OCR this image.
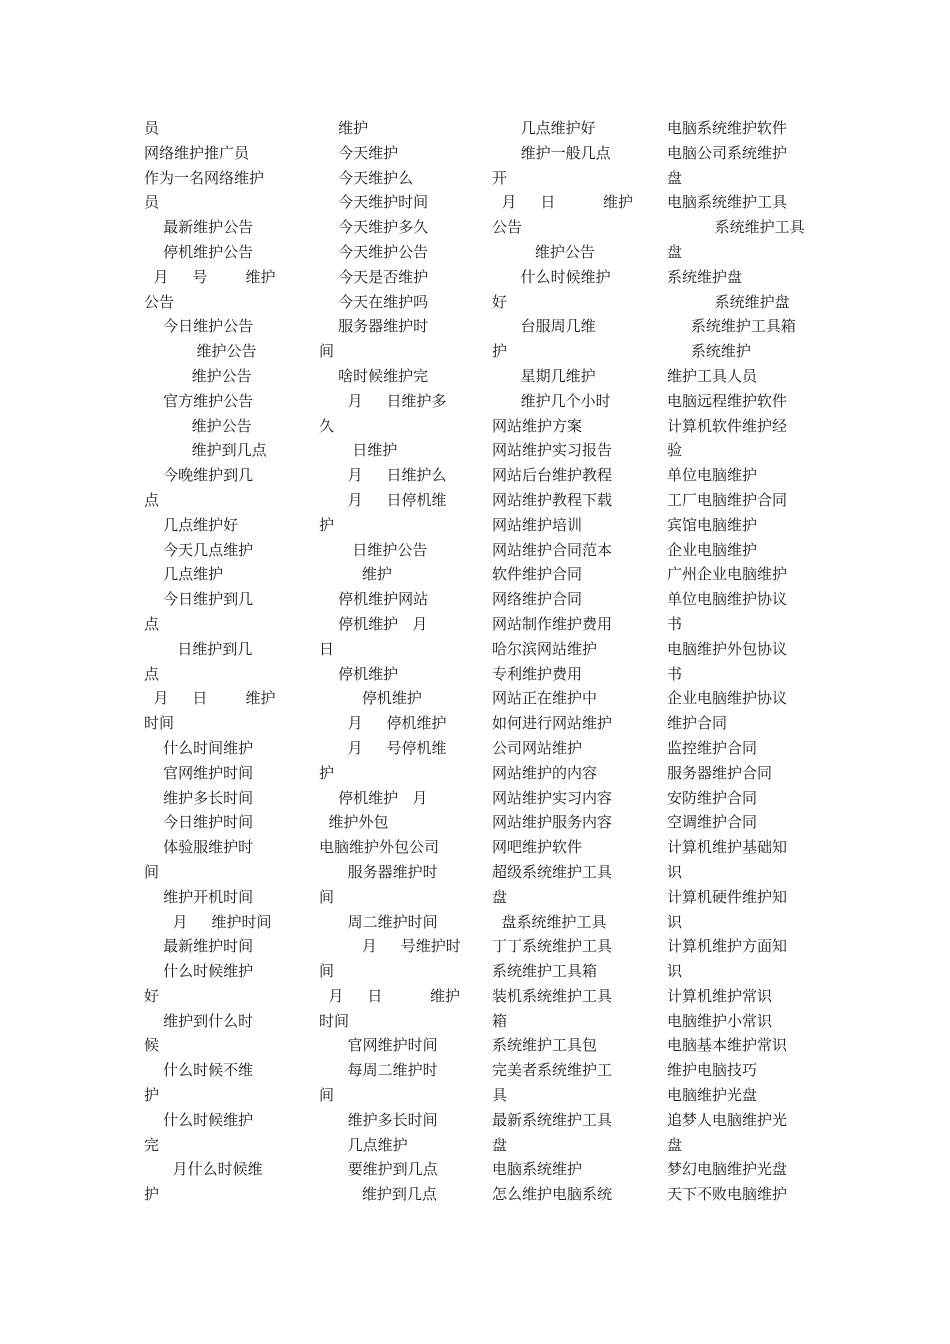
员
网络维护推广员
作为一名网络维护
员
最新维护公告
停机维护公告
月     号        维护
公告
今日维护公告
维护公告
维护公告
官方维护公告
维护公告
维护到几点
今晚维护到几
点
几点维护好
今天几点维护
几点维护
今日维护到几
点
日维护到几
点
月     日        维护
时间
什么时间维护
官网维护时间
维护多长时间
今日维护时间
体验服维护时
间
维护开机时间
月     维护时间
最新维护时间
什么时候维护
好
维护到什么时
候
什么时候不维
护
什么时候维护
完
月什么时候维
护
维护
今天维护
今天维护么
今天维护时间
今天维护多久
今天维护公告
今天是否维护
今天在维护吗
服务器维护时
间
啥时候维护完
月     日维护多
久
日维护
月     日维护么
月     日停机维
护
日维护公告
维护
停机维护网站
停机维护   月
日
停机维护
停机维护
月     停机维护
月     号停机维
护
停机维护   月
维护外包
电脑维护外包公司
服务器维护时
间
周二维护时间
月     号维护时
间
月     日          维护
时间
官网维护时间
每周二维护时
间
维护多长时间
几点维护
要维护到几点
维护到几点
几点维护好
维护一般几点
开
月     日          维护
公告
维护公告
什么时候维护
好
台服周几维
护
星期几维护
维护几个小时
网站维护方案
网站维护实习报告
网站后台维护教程
网站维护教程下载
网站维护培训
网站维护合同范本
软件维护合同
网络维护合同
网站制作维护费用
哈尔滨网站维护
专利维护费用
网站正在维护中
如何进行网站维护
公司网站维护
网站维护的内容
网站维护实习内容
网站维护服务内容
网吧维护软件
超级系统维护工具
盘
盘系统维护工具
丁丁系统维护工具
系统维护工具箱
装机系统维护工具
箱
系统维护工具包
完美者系统维护工
具
最新系统维护工具
盘
电脑系统维护
怎么维护电脑系统
电脑系统维护软件
电脑公司系统维护
盘
电脑系统维护工具
系统维护工具
盘
系统维护盘
系统维护盘
系统维护工具箱
系统维护
维护工具人员
电脑远程维护软件
计算机软件维护经
验
单位电脑维护
工厂电脑维护合同
宾馆电脑维护
企业电脑维护
广州企业电脑维护
单位电脑维护协议
书
电脑维护外包协议
书
企业电脑维护协议
维护合同
监控维护合同
服务器维护合同
安防维护合同
空调维护合同
计算机维护基础知
识
计算机硬件维护知
识
计算机维护方面知
识
计算机维护常识
电脑维护小常识
电脑基本维护常识
维护电脑技巧
电脑维护光盘
追梦人电脑维护光
盘
梦幻电脑维护光盘
天下不败电脑维护
